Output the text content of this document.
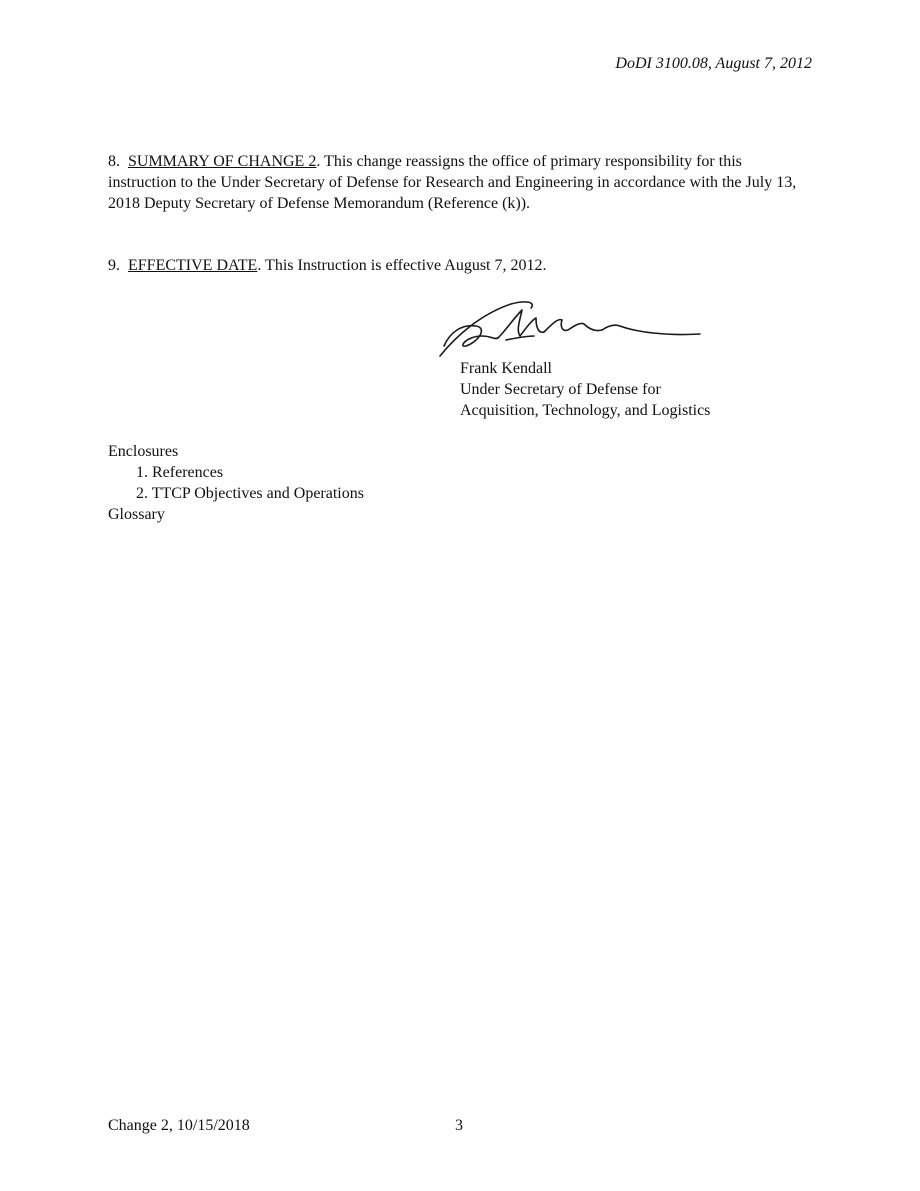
DoDI 3100.08, August 7, 2012
8. SUMMARY OF CHANGE 2. This change reassigns the office of primary responsibility for this instruction to the Under Secretary of Defense for Research and Engineering in accordance with the July 13, 2018 Deputy Secretary of Defense Memorandum (Reference (k)).
9. EFFECTIVE DATE. This Instruction is effective August 7, 2012.
Frank Kendall
Under Secretary of Defense for
Acquisition, Technology, and Logistics
Enclosures
1. References
2. TTCP Objectives and Operations
Glossary
Change 2, 10/15/2018	3
